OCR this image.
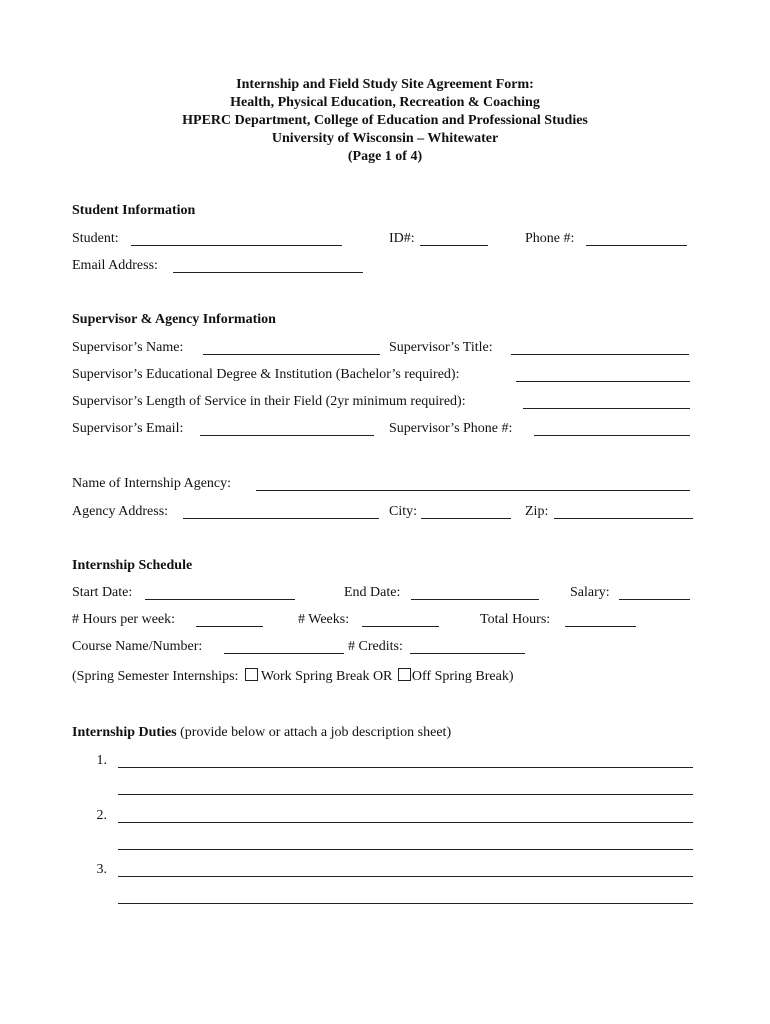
Internship and Field Study Site Agreement Form:
Health, Physical Education, Recreation & Coaching
HPERC Department, College of Education and Professional Studies
University of Wisconsin – Whitewater
(Page 1 of 4)
Student Information
Student:	ID#:	Phone #:
Email Address:
Supervisor & Agency Information
Supervisor’s Name:	Supervisor’s Title:
Supervisor’s Educational Degree & Institution (Bachelor’s required):
Supervisor’s Length of Service in their Field (2yr minimum required):
Supervisor’s Email:	Supervisor’s Phone #:
Name of Internship Agency:
Agency Address:	City:	Zip:
Internship Schedule
Start Date:	End Date:	Salary:
# Hours per week:	# Weeks:	Total Hours:
Course Name/Number:	# Credits:
(Spring Semester Internships: Work Spring Break OR Off Spring Break)
Internship Duties (provide below or attach a job description sheet)
1.
2.
3.
